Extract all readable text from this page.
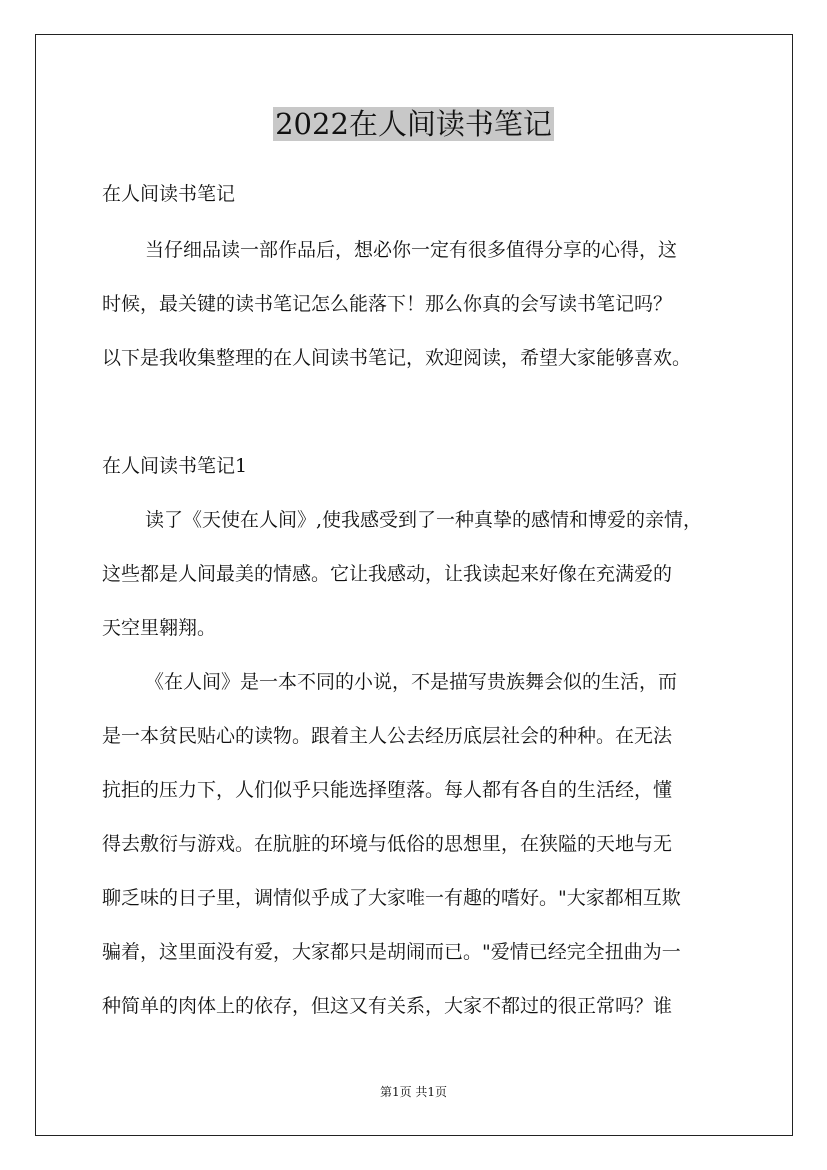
2022在人间读书笔记
在人间读书笔记
当仔细品读一部作品后，想必你一定有很多值得分享的心得，这
时候，最关键的读书笔记怎么能落下！那么你真的会写读书笔记吗？
以下是我收集整理的在人间读书笔记，欢迎阅读，希望大家能够喜欢。
在人间读书笔记1
读了《天使在人间》,使我感受到了一种真挚的感情和博爱的亲情，
这些都是人间最美的情感。它让我感动，让我读起来好像在充满爱的
天空里翱翔。
《在人间》是一本不同的小说，不是描写贵族舞会似的生活，而
是一本贫民贴心的读物。跟着主人公去经历底层社会的种种。在无法
抗拒的压力下，人们似乎只能选择堕落。每人都有各自的生活经，懂
得去敷衍与游戏。在肮脏的环境与低俗的思想里，在狭隘的天地与无
聊乏味的日子里，调情似乎成了大家唯一有趣的嗜好。"大家都相互欺
骗着，这里面没有爱，大家都只是胡闹而已。"爱情已经完全扭曲为一
种简单的肉体上的依存，但这又有关系，大家不都过的很正常吗？谁
第1页 共1页
